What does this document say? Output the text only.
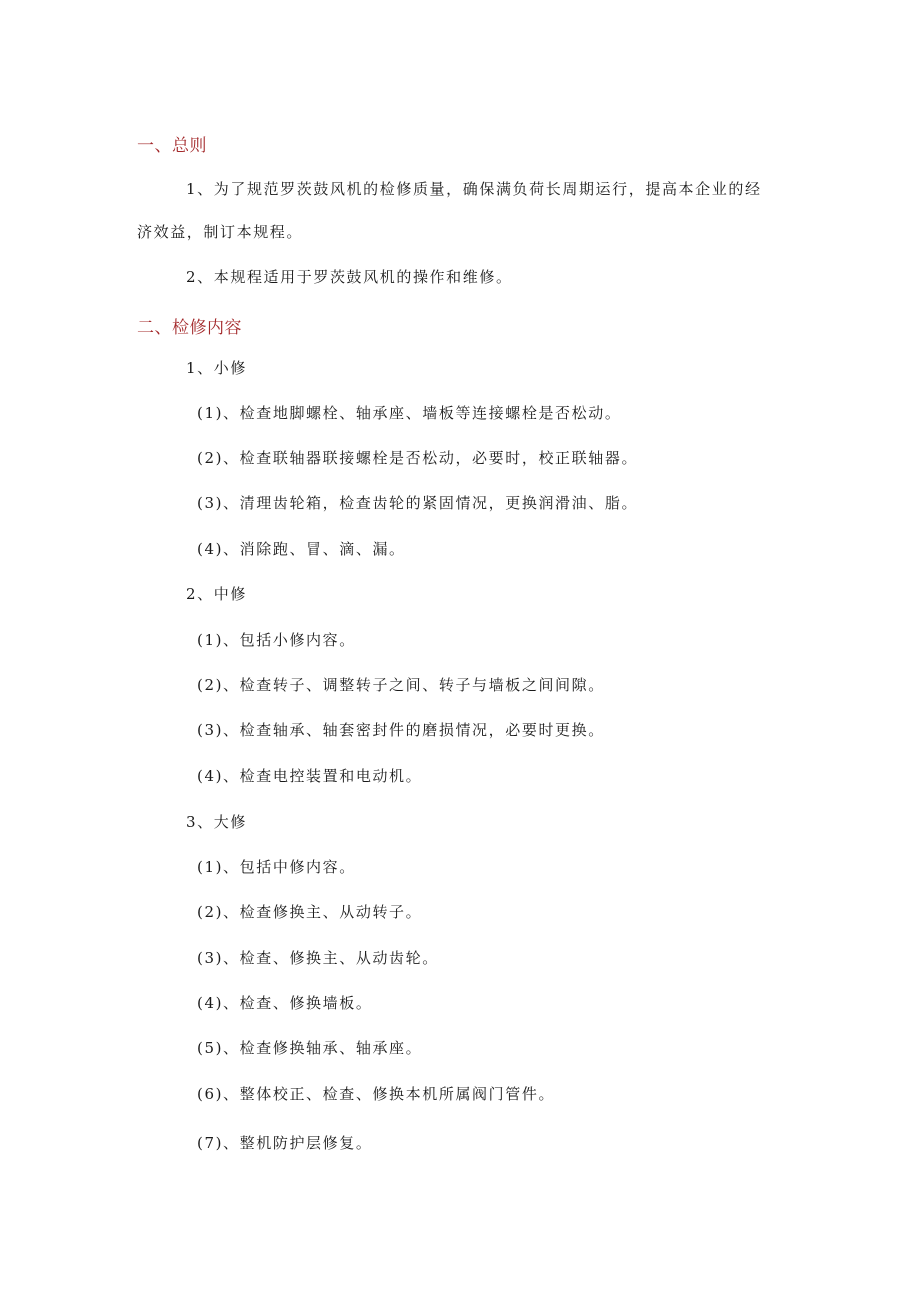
一、总则
1、为了规范罗茨鼓风机的检修质量，确保满负荷长周期运行，提高本企业的经
济效益，制订本规程。
2、本规程适用于罗茨鼓风机的操作和维修。
二、检修内容
1、小修
(1)、检查地脚螺栓、轴承座、墙板等连接螺栓是否松动。
(2)、检查联轴器联接螺栓是否松动，必要时，校正联轴器。
(3)、清理齿轮箱，检查齿轮的紧固情况，更换润滑油、脂。
(4)、消除跑、冒、滴、漏。
2、中修
(1)、包括小修内容。
(2)、检查转子、调整转子之间、转子与墙板之间间隙。
(3)、检查轴承、轴套密封件的磨损情况，必要时更换。
(4)、检查电控装置和电动机。
3、大修
(1)、包括中修内容。
(2)、检查修换主、从动转子。
(3)、检查、修换主、从动齿轮。
(4)、检查、修换墙板。
(5)、检查修换轴承、轴承座。
(6)、整体校正、检查、修换本机所属阀门管件。
(7)、整机防护层修复。
